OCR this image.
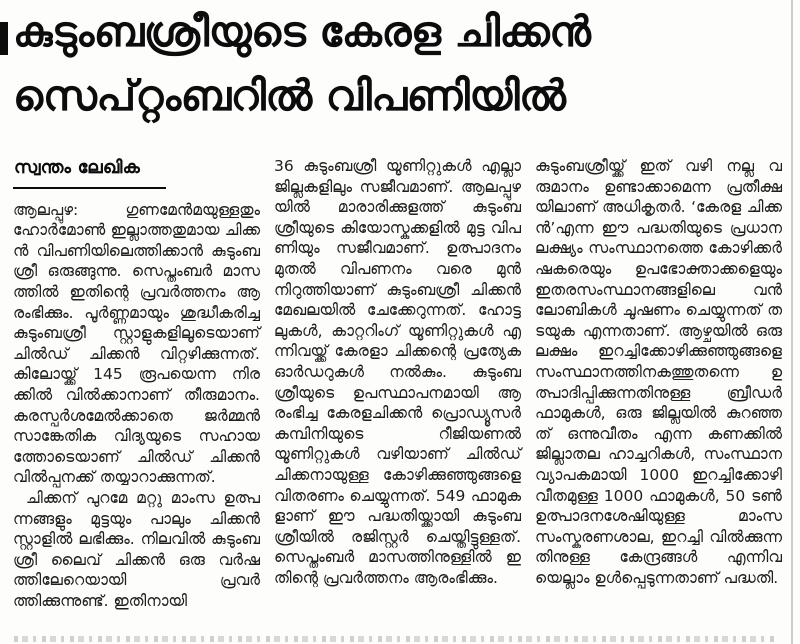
കുടുംബശ്രീയുടെ കേരള ചിക്കൻ
സെപ്റ്റംബറിൽ വിപണിയിൽ
സ്വന്തം ലേഖിക

ആലപ്പുഴ: ഗുണമേൻമയുള്ളതും ഹോർമോൺ ഇല്ലാത്തതുമായ ചിക്കൻ വിപണിയിലെത്തിക്കാൻ കുടുംബശ്രീ ഒരുങ്ങുന്നു. സെപ്തംബർ മാസത്തിൽ ഇതിന്റെ പ്രവർത്തനം ആരംഭിക്കും. പൂർണ്ണമായും ശുദ്ധീകരിച്ച കുടുംബശ്രീ സ്റ്റാളുകളിലൂടെയാണ് ചിൽഡ് ചിക്കൻ വിറ്റഴിക്കുന്നത്. കിലോയ്ക്ക് 145 രൂപയെന്ന നിരക്കിൽ വിൽക്കാനാണ് തീരുമാനം. കരസ്പർശമേൽക്കാതെ ജർമ്മൻ സാങ്കേതിക വിദ്യയുടെ സഹായത്തോടെയാണ് ചിൽഡ് ചിക്കൻ വിൽപ്പനക്ക് തയ്യാറാക്കുന്നത്.

ചിക്കന് പുറമേ മറ്റു മാംസ ഉത്പന്നങ്ങളും മുട്ടയും പാലും ചിക്കൻ സ്റ്റാളിൽ ലഭിക്കും. നിലവിൽ കുടുംബശ്രീ ലൈവ് ചിക്കൻ ഒരു വർഷത്തിലേറെയായി പ്രവർത്തിക്കുന്നുണ്ട്. ഇതിനായി

36 കുടുംബശ്രീ യൂണിറ്റുകൾ എല്ലാ ജില്ലകളിലും സജീവമാണ്. ആലപ്പുഴയിൽ മാരാരിക്കുളത്ത് കുടുംബശ്രീയുടെ കിയോസ്കുക്കളിൽ മുട്ട വിപണിയും സജീവമാണ്. ഉത്പാദനം മുതൽ വിപണനം വരെ മുൻ നിറുത്തിയാണ് കുടുംബശ്രീ ചിക്കൻ മേഖലയിൽ ചേക്കേറുന്നത്. ഹോട്ടലുകൾ, കാറ്ററിംഗ് യൂണിറ്റുകൾ എന്നിവയ്ക്ക് കേരളാ ചിക്കന്റെ പ്രത്യേക ഓർഡറുകൾ നൽകും. കുടുംബശ്രീയുടെ ഉപസ്ഥാപനമായി ആരംഭിച്ച കേരളചിക്കൻ പ്രൊഡ്യൂസർ കമ്പിനിയുടെ റീജിയണൽ യൂണിറ്റുകൾ വഴിയാണ് ചിൽഡ് ചിക്കനായുള്ള കോഴിക്കുഞ്ഞുങ്ങളെ വിതരണം ചെയ്യുന്നത്. 549 ഫാമുകളാണ് ഈ പദ്ധതിയ്ക്കായി കുടുംബശ്രീയിൽ രജിസ്റ്റർ ചെയ്തിട്ടുള്ളത്. സെപ്തംബർ മാസത്തിനുള്ളിൽ ഇതിന്റെ പ്രവർത്തനം ആരംഭിക്കും.

കുടുംബശ്രീയ്ക്ക് ഇത് വഴി നല്ല വരുമാനം ഉണ്ടാക്കാമെന്ന പ്രതീക്ഷയിലാണ് അധികൃതർ. ‘കേരള ചിക്കൻ’എന്ന ഈ പദ്ധതിയുടെ പ്രധാന ലക്ഷ്യം സംസ്ഥാനത്തെ കോഴിക്കർഷകരെയും ഉപഭോക്താക്കളെയും ഇതരസംസ്ഥാനങ്ങളിലെ വൻ ലോബികൾ ചൂഷണം ചെയ്യുന്നത് തടയുക എന്നതാണ്. ആഴ്ചയിൽ ഒരു ലക്ഷം ഇറച്ചിക്കോഴിക്കുഞ്ഞുങ്ങളെ സംസ്ഥാനത്തിനകത്തുതന്നെ ഉത്പാദിപ്പിക്കുന്നതിനുള്ള ബ്രീഡർഫാമുകൾ, ഒരു ജില്ലയിൽ കുറഞ്ഞത് ഒന്നുവീതം എന്ന കണക്കിൽ ജില്ലാതല ഹാച്ചറികൾ, സംസ്ഥാനവ്യാപകമായി 1000 ഇറച്ചിക്കോഴി വീതമുള്ള 1000 ഫാമുകൾ, 50 ടൺ ഉത്പാദനശേഷിയുള്ള മാംസ സംസ്കരണശാല, ഇറച്ചി വിൽക്കുന്നതിനുള്ള കേന്ദ്രങ്ങൾ എന്നിവയെല്ലാം ഉൾപ്പെടുന്നതാണ് പദ്ധതി.
